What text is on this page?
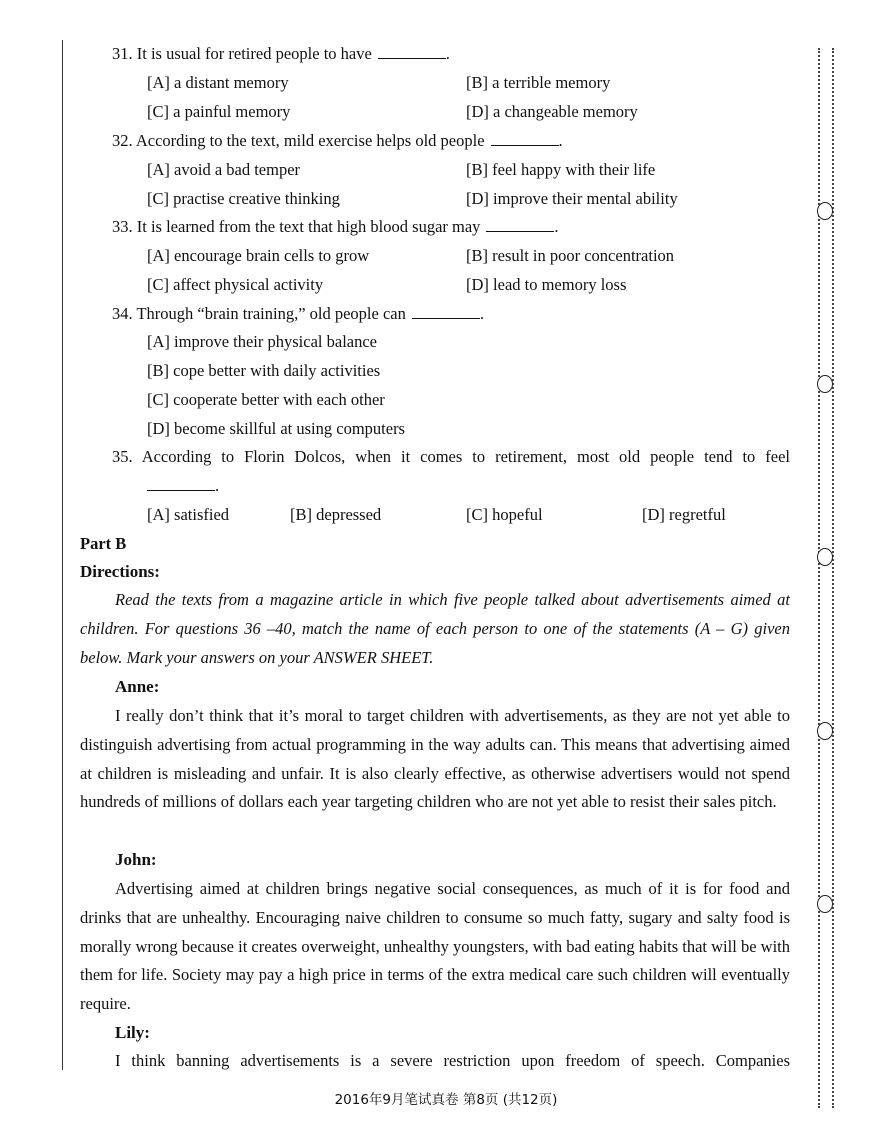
31. It is usual for retired people to have	.
[A] a distant memory	[B] a terrible memory
[C] a painful memory	[D] a changeable memory
32. According to the text, mild exercise helps old people	.
[A] avoid a bad temper	[B] feel happy with their life
[C] practise creative thinking	[D] improve their mental ability
33. It is learned from the text that high blood sugar may	.
[A] encourage brain cells to grow	[B] result in poor concentration
[C] affect physical activity	[D] lead to memory loss
34. Through “brain training,” old people can	.
[A] improve their physical balance
[B] cope better with daily activities
[C] cooperate better with each other
[D] become skillful at using computers
35. According to Florin Dolcos, when it comes to retirement, most old people tend to feel
.
[A] satisfied	[B] depressed	[C] hopeful	[D] regretful
Part B
Directions:
Read the texts from a magazine article in which five people talked about advertisements aimed at children. For questions 36 –40, match the name of each person to one of the statements (A – G) given below. Mark your answers on your ANSWER SHEET.
Anne:
I really don’t think that it’s moral to target children with advertisements, as they are not yet able to distinguish advertising from actual programming in the way adults can. This means that advertising aimed at children is misleading and unfair. It is also clearly effective, as otherwise advertisers would not spend hundreds of millions of dollars each year targeting children who are not yet able to resist their sales pitch.
John:
Advertising aimed at children brings negative social consequences, as much of it is for food and drinks that are unhealthy. Encouraging naive children to consume so much fatty, sugary and salty food is morally wrong because it creates overweight, unhealthy youngsters, with bad eating habits that will be with them for life. Society may pay a high price in terms of the extra medical care such children will eventually require.
Lily:
I think banning advertisements is a severe restriction upon freedom of speech. Companies
2016年9月笔试真卷 第8页 (共12页)
